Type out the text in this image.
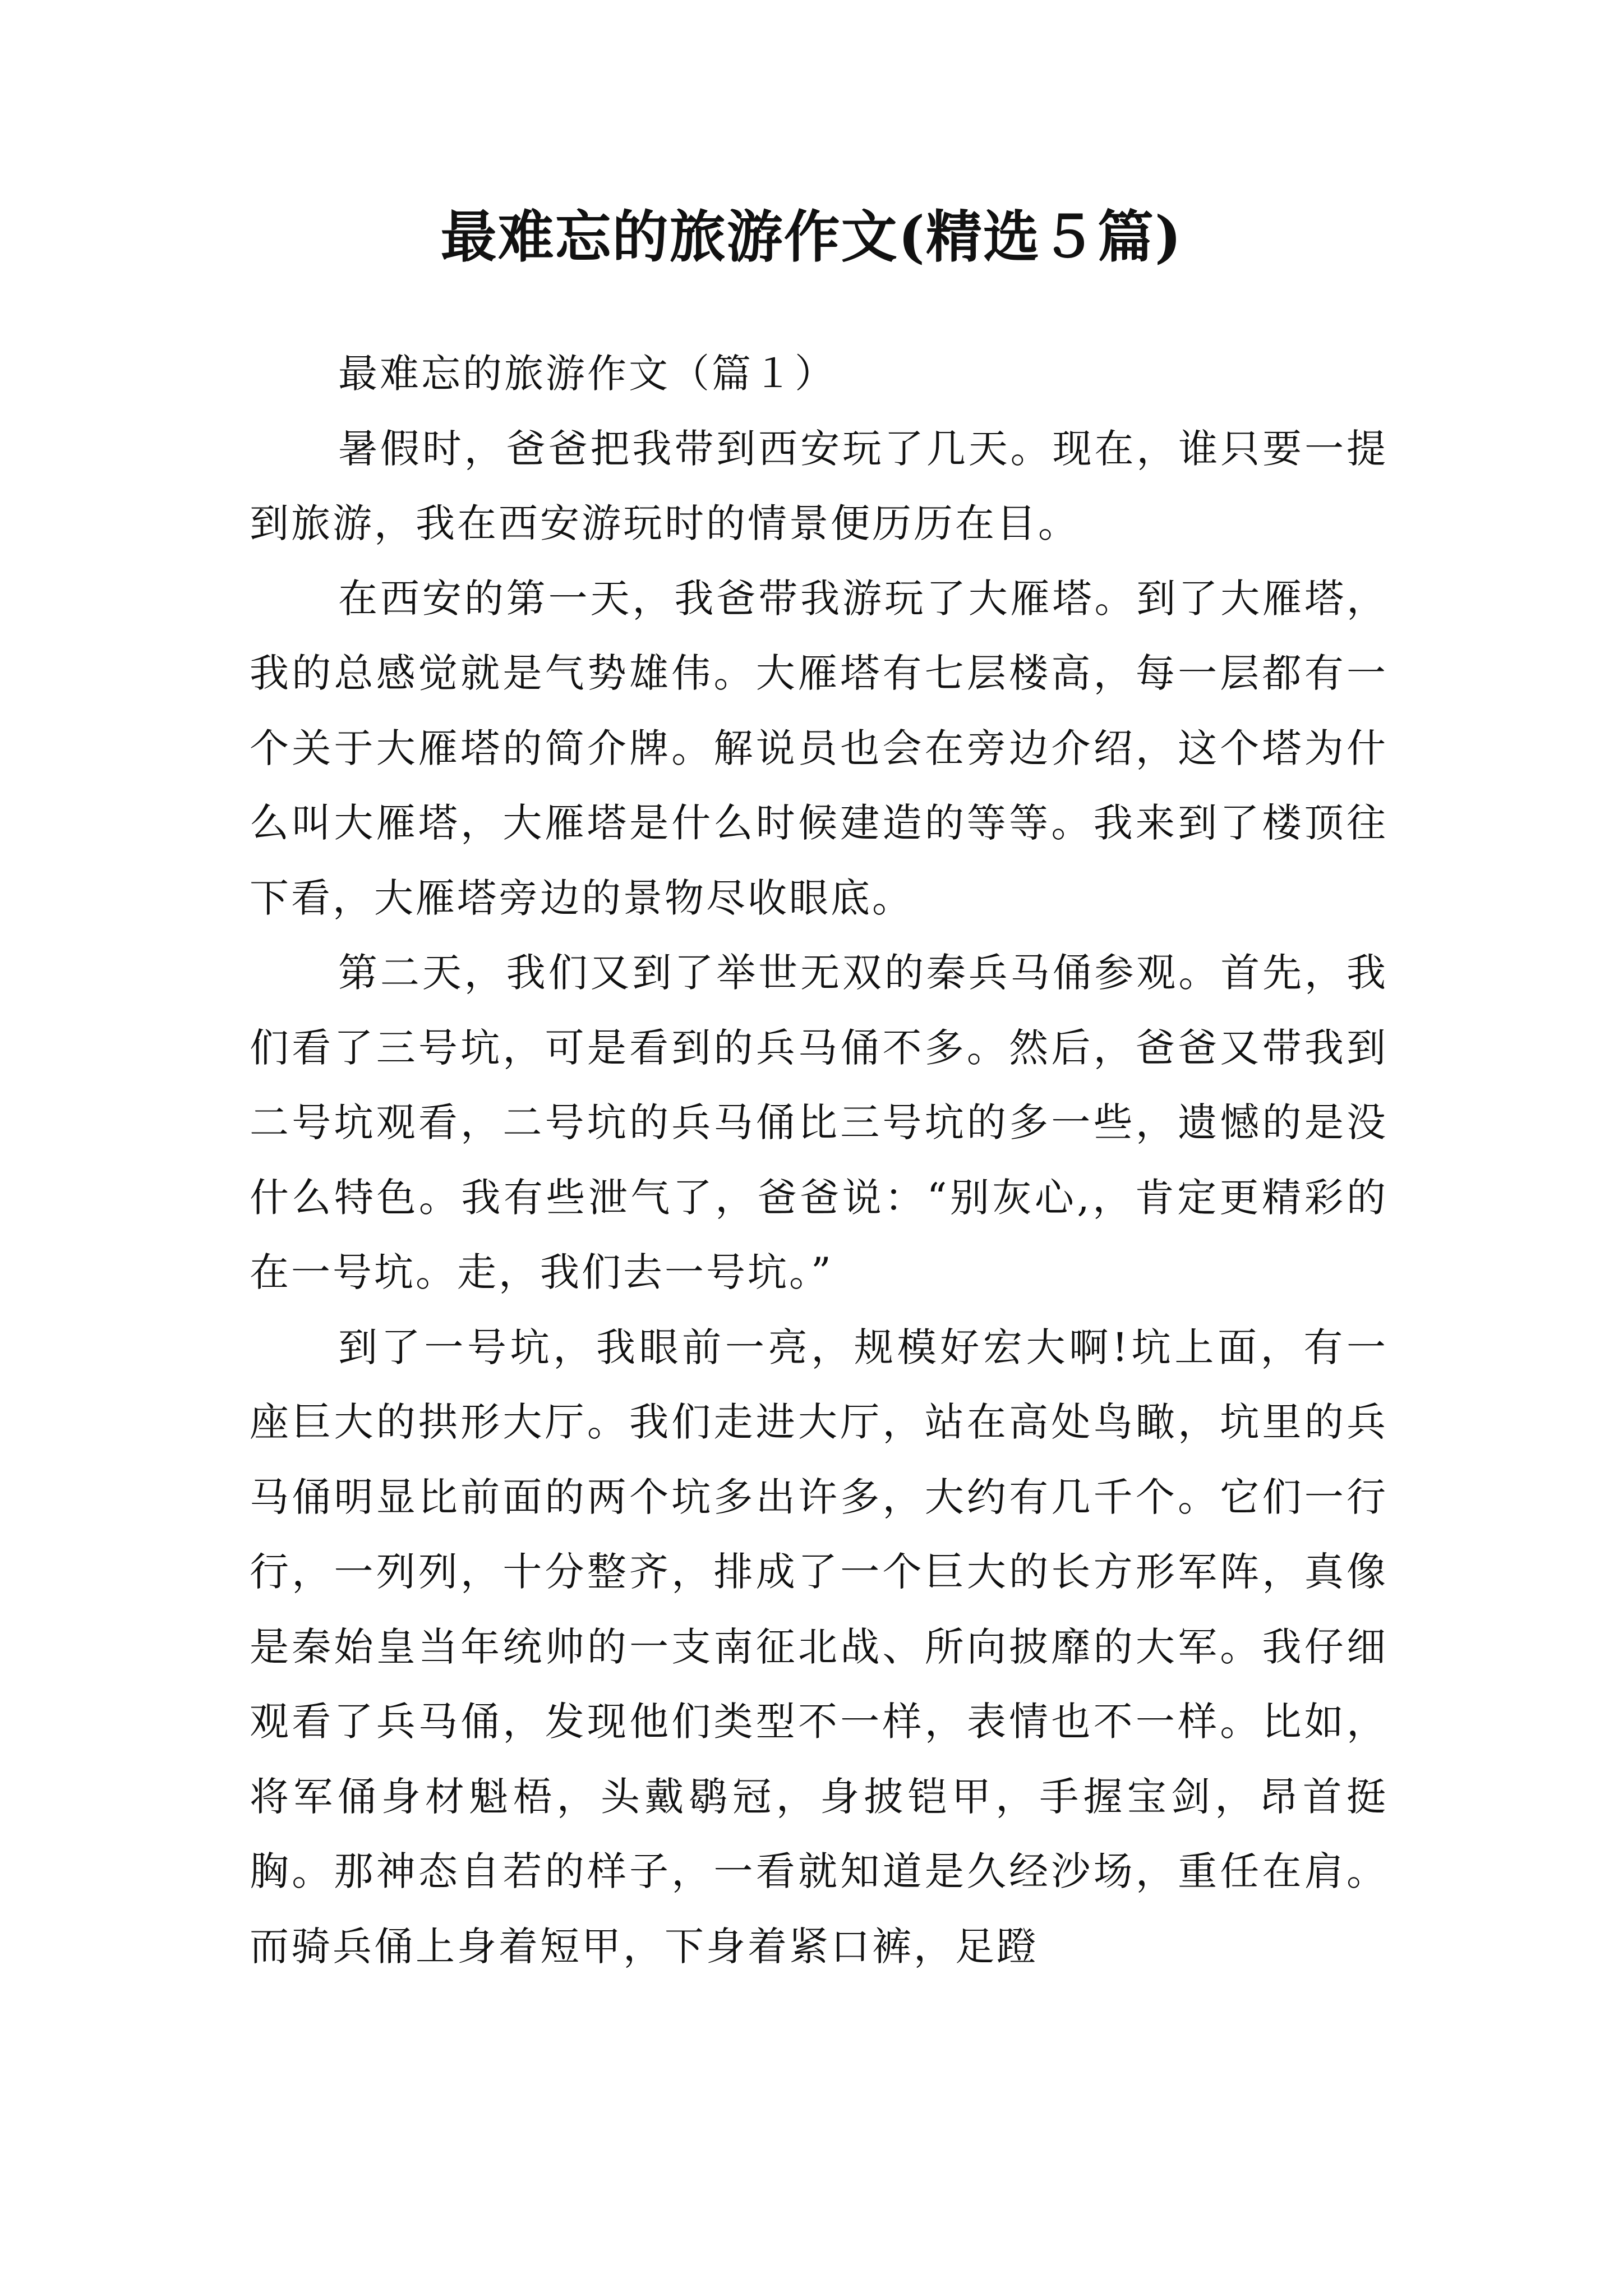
最难忘的旅游作文(精选５篇)
最难忘的旅游作文（篇１）

暑假时，爸爸把我带到西安玩了几天。现在，谁只要一提到旅游，我在西安游玩时的情景便历历在目。

在西安的第一天，我爸带我游玩了大雁塔。到了大雁塔，我的总感觉就是气势雄伟。大雁塔有七层楼高，每一层都有一个关于大雁塔的简介牌。解说员也会在旁边介绍，这个塔为什么叫大雁塔，大雁塔是什么时候建造的等等。我来到了楼顶往下看，大雁塔旁边的景物尽收眼底。

第二天，我们又到了举世无双的秦兵马俑参观。首先，我们看了三号坑，可是看到的兵马俑不多。然后，爸爸又带我到二号坑观看，二号坑的兵马俑比三号坑的多一些，遗憾的是没什么特色。我有些泄气了，爸爸说：“别灰心,，肯定更精彩的在一号坑。走，我们去一号坑。”

到了一号坑，我眼前一亮，规模好宏大啊!坑上面，有一座巨大的拱形大厅。我们走进大厅，站在高处鸟瞰，坑里的兵马俑明显比前面的两个坑多出许多，大约有几千个。它们一行行，一列列，十分整齐，排成了一个巨大的长方形军阵，真像是秦始皇当年统帅的一支南征北战、所向披靡的大军。我仔细观看了兵马俑，发现他们类型不一样，表情也不一样。比如，将军俑身材魁梧，头戴鹖冠，身披铠甲，手握宝剑，昂首挺胸。那神态自若的样子，一看就知道是久经沙场，重任在肩。而骑兵俑上身着短甲，下身着紧口裤，足蹬
